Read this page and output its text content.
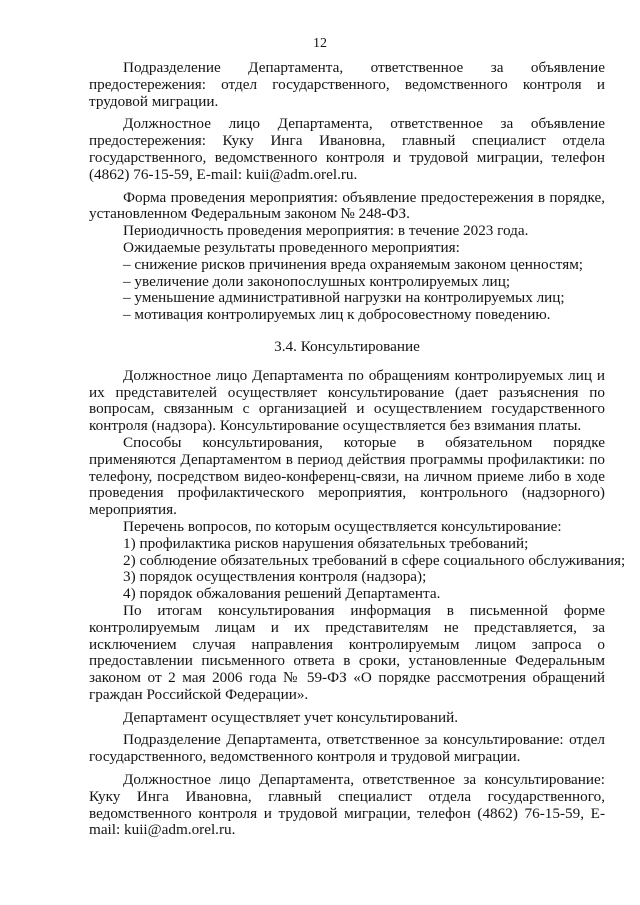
12

Подразделение Департамента, ответственное за объявление предостережения: отдел государственного, ведомственного контроля и трудовой миграции.

Должностное лицо Департамента, ответственное за объявление предостережения: Куку Инга Ивановна, главный специалист отдела государственного, ведомственного контроля и трудовой миграции, телефон (4862) 76-15-59, E-mail: kuii@adm.orel.ru.

Форма проведения мероприятия: объявление предостережения в порядке, установленном Федеральным законом № 248-ФЗ.

Периодичность проведения мероприятия: в течение 2023 года.

Ожидаемые результаты проведенного мероприятия:

– снижение рисков причинения вреда охраняемым законом ценностям;
– увеличение доли законопослушных контролируемых лиц;
– уменьшение административной нагрузки на контролируемых лиц;
– мотивация контролируемых лиц к добросовестному поведению.
3.4. Консультирование

Должностное лицо Департамента по обращениям контролируемых лиц и их представителей осуществляет консультирование (дает разъяснения по вопросам, связанным с организацией и осуществлением государственного контроля (надзора). Консультирование осуществляется без взимания платы.

Способы консультирования, которые в обязательном порядке применяются Департаментом в период действия программы профилактики: по телефону, посредством видео-конференц-связи, на личном приеме либо в ходе проведения профилактического мероприятия, контрольного (надзорного) мероприятия.

Перечень вопросов, по которым осуществляется консультирование:

1) профилактика рисков нарушения обязательных требований;
2) соблюдение обязательных требований в сфере социального обслуживания;
3) порядок осуществления контроля (надзора);
4) порядок обжалования решений Департамента.

По итогам консультирования информация в письменной форме контролируемым лицам и их представителям не представляется, за исключением случая направления контролируемым лицом запроса о предоставлении письменного ответа в сроки, установленные Федеральным законом от 2 мая 2006 года № 59-ФЗ «О порядке рассмотрения обращений граждан Российской Федерации».

Департамент осуществляет учет консультирований.

Подразделение Департамента, ответственное за консультирование: отдел государственного, ведомственного контроля и трудовой миграции.

Должностное лицо Департамента, ответственное за консультирование: Куку Инга Ивановна, главный специалист отдела государственного, ведомственного контроля и трудовой миграции, телефон (4862) 76-15-59, E-mail: kuii@adm.orel.ru.
